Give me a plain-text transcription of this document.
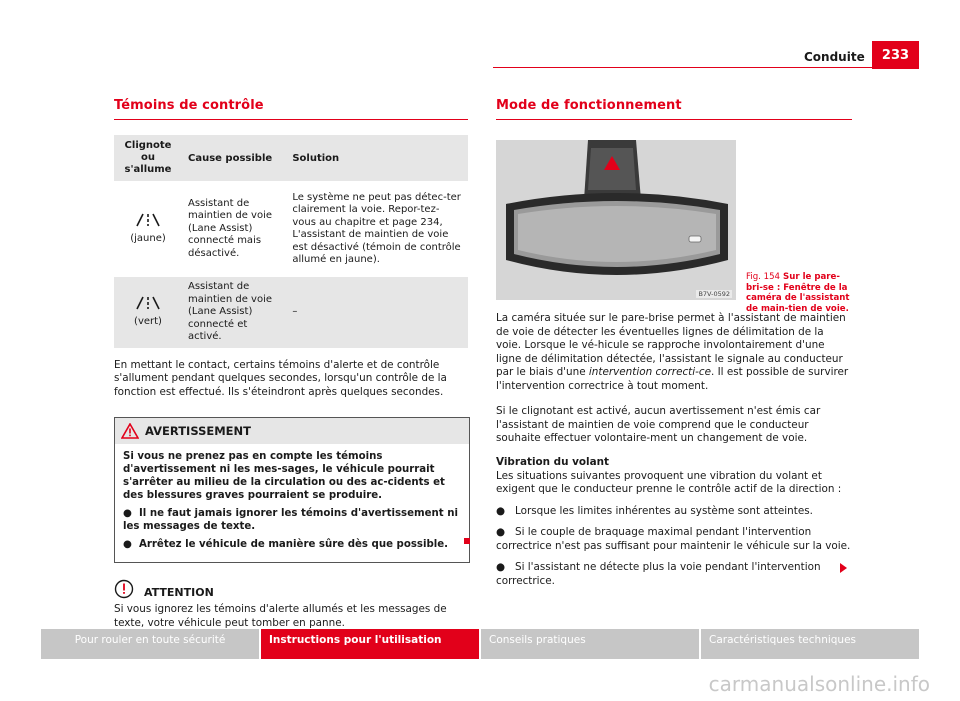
Conduite	233
Témoins de contrôle
Clignote ou s'allume	Cause possible	Solution

(jaune)	Assistant de maintien de voie (Lane Assist) connecté mais désactivé.	Le système ne peut pas détec-ter clairement la voie. Repor-tez-vous au chapitre et page 234, L'assistant de maintien de voie est désactivé (témoin de contrôle allumé en jaune).

(vert)	Assistant de maintien de voie (Lane Assist) connecté et activé.	–

En mettant le contact, certains témoins d'alerte et de contrôle s'allument pendant quelques secondes, lorsqu'un contrôle de la fonction est effectué. Ils s'éteindront après quelques secondes.

AVERTISSEMENT

Si vous ne prenez pas en compte les témoins d'avertissement ni les mes-sages, le véhicule pourrait s'arrêter au milieu de la circulation ou des ac-cidents et des blessures graves pourraient se produire.

●  Il ne faut jamais ignorer les témoins d'avertissement ni les messages de texte.

●  Arrêtez le véhicule de manière sûre dès que possible.

ATTENTION
Si vous ignorez les témoins d'alerte allumés et les messages de texte, votre véhicule peut tomber en panne.
Mode de fonctionnement
B7V-0592
Fig. 154 Sur le pare-bri-se : Fenêtre de la caméra de l'assistant de main-tien de voie.

La caméra située sur le pare-brise permet à l'assistant de maintien de voie de détecter les éventuelles lignes de délimitation de la voie. Lorsque le vé-hicule se rapproche involontairement d'une ligne de délimitation détectée, l'assistant le signale au conducteur par le biais d'une intervention correcti-ce. Il est possible de survirer l'intervention correctrice à tout moment.

Si le clignotant est activé, aucun avertissement n'est émis car l'assistant de maintien de voie comprend que le conducteur souhaite effectuer volontaire-ment un changement de voie.

Vibration du volant

Les situations suivantes provoquent une vibration du volant et exigent que le conducteur prenne le contrôle actif de la direction :

●   Lorsque les limites inhérentes au système sont atteintes.

●   Si le couple de braquage maximal pendant l'intervention correctrice n'est pas suffisant pour maintenir le véhicule sur la voie.

●   Si l'assistant ne détecte plus la voie pendant l'intervention correctrice.

Pour rouler en toute sécurité	Instructions pour l'utilisation	Conseils pratiques	Caractéristiques techniques
carmanualsonline.info
